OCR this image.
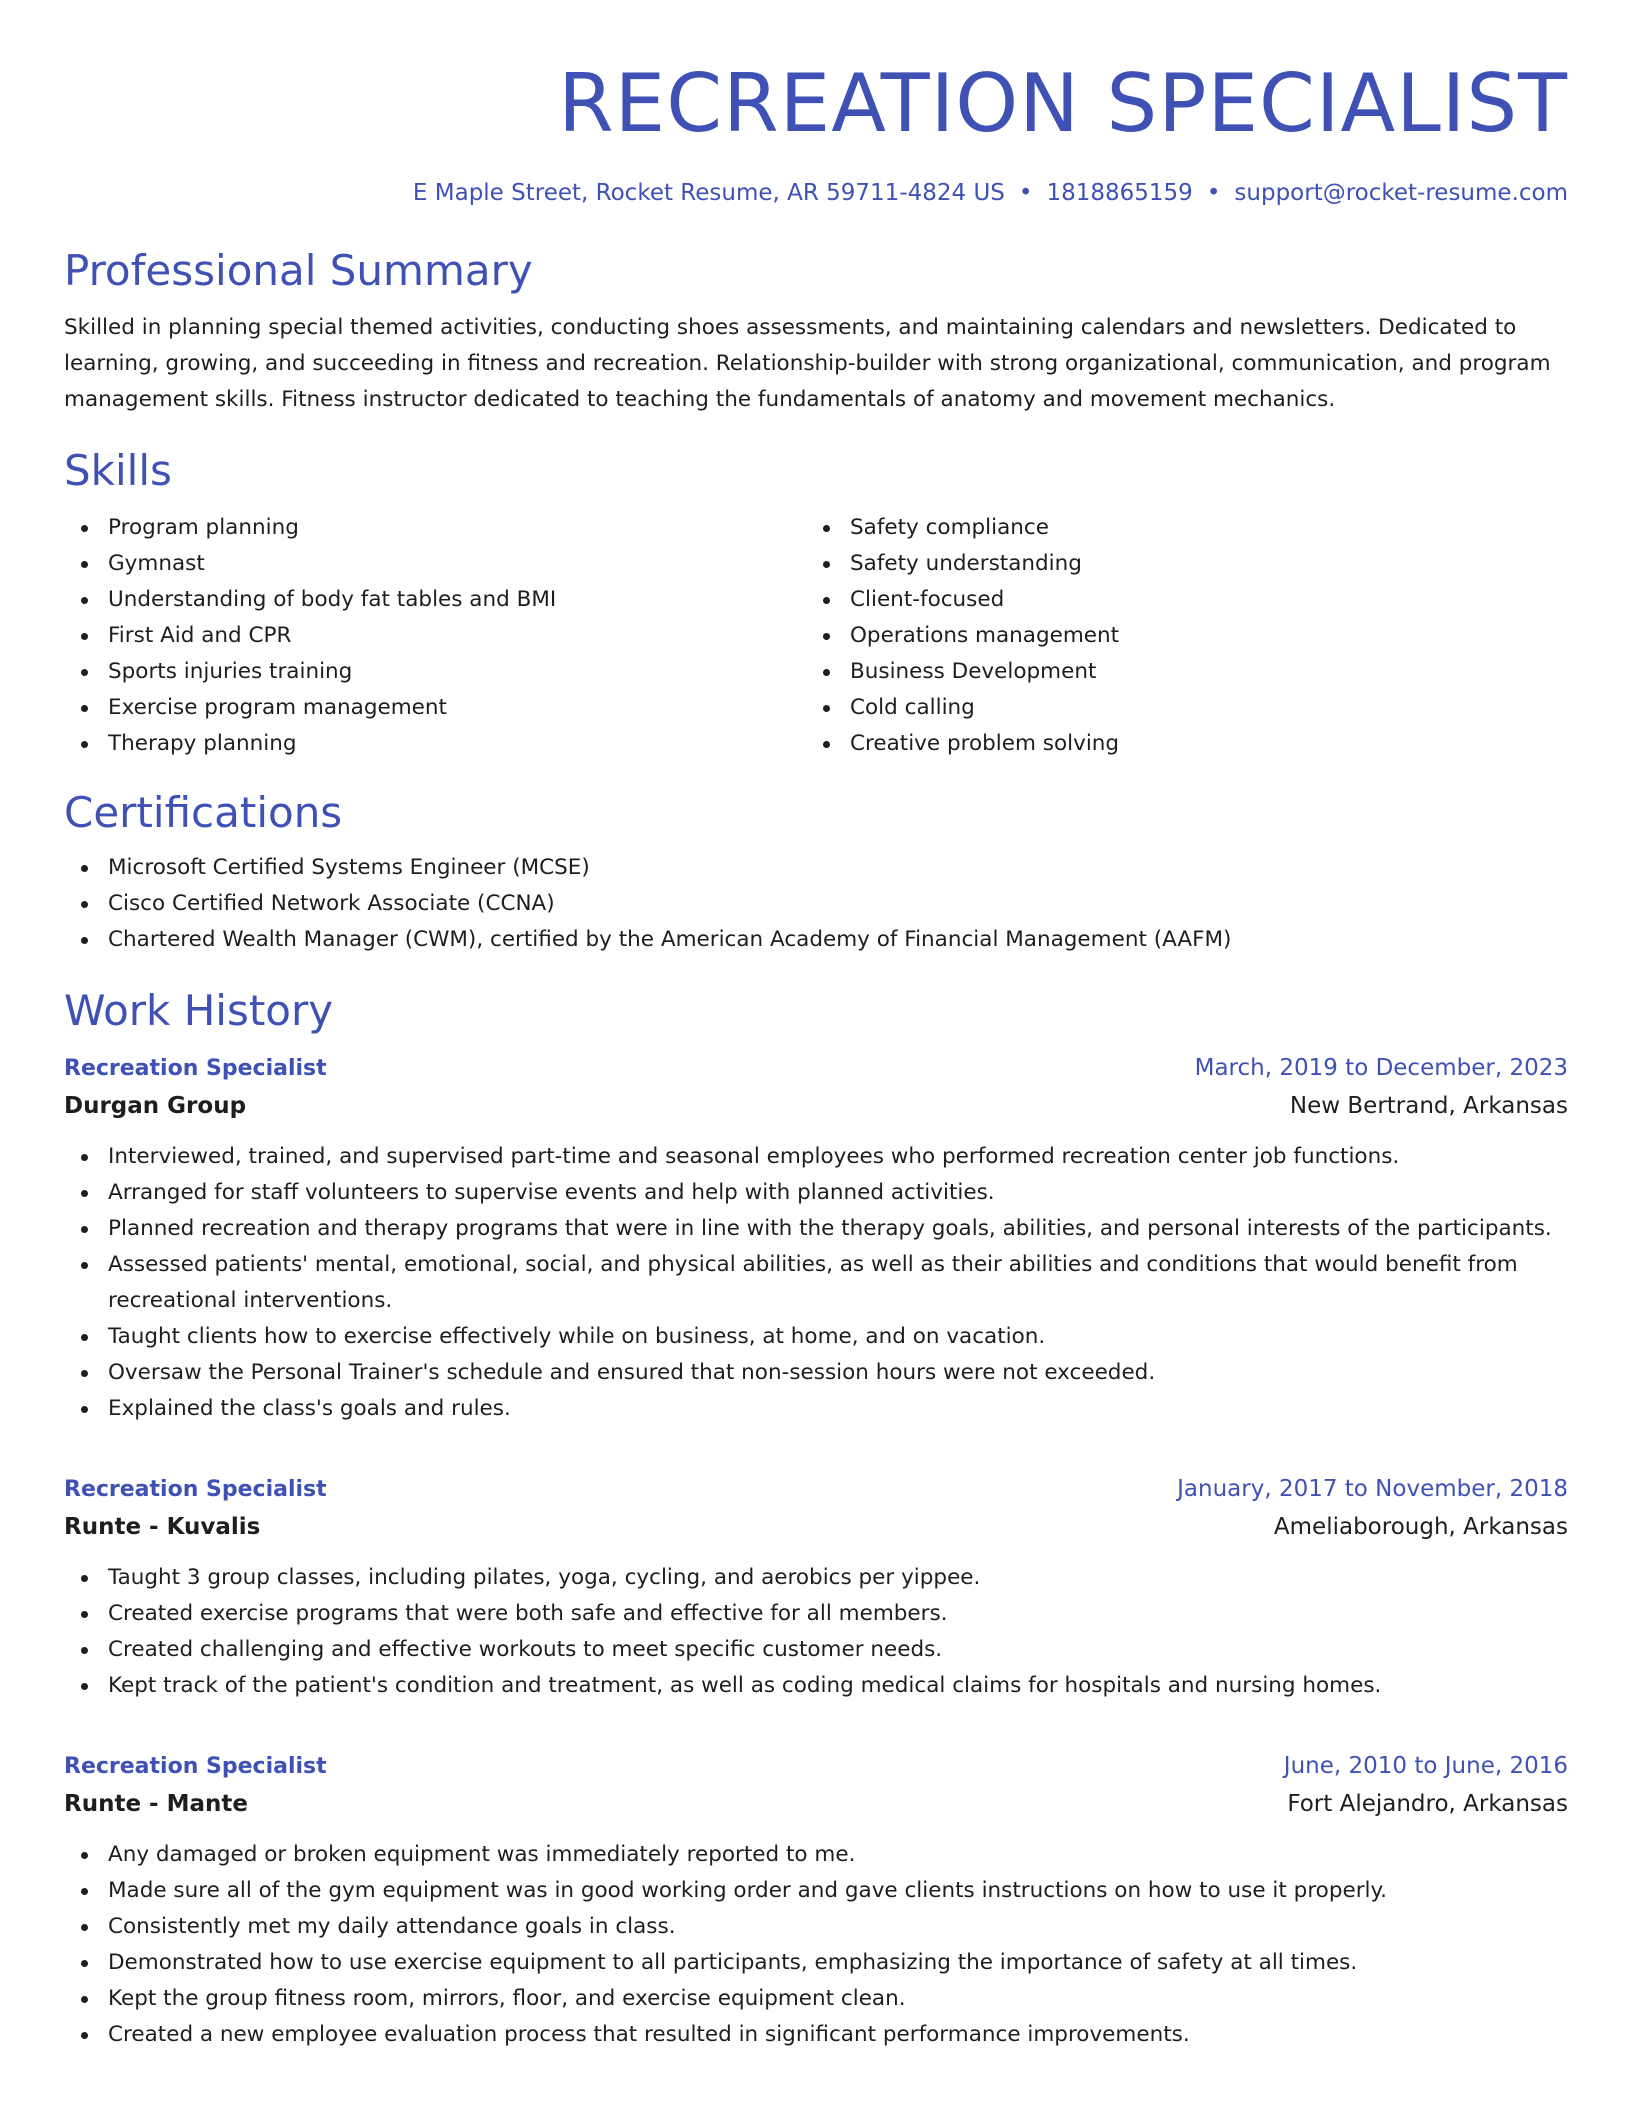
RECREATION SPECIALIST
E Maple Street, Rocket Resume, AR 59711-4824 US • 1818865159 • support@rocket-resume.com
Professional Summary
Skilled in planning special themed activities, conducting shoes assessments, and maintaining calendars and newsletters. Dedicated to learning, growing, and succeeding in fitness and recreation. Relationship-builder with strong organizational, communication, and program management skills. Fitness instructor dedicated to teaching the fundamentals of anatomy and movement mechanics.
Skills
Program planning
Gymnast
Understanding of body fat tables and BMI
First Aid and CPR
Sports injuries training
Exercise program management
Therapy planning
Safety compliance
Safety understanding
Client-focused
Operations management
Business Development
Cold calling
Creative problem solving
Certifications
Microsoft Certified Systems Engineer (MCSE)
Cisco Certified Network Associate (CCNA)
Chartered Wealth Manager (CWM), certified by the American Academy of Financial Management (AAFM)
Work History
Recreation Specialist	March, 2019 to December, 2023
Durgan Group	New Bertrand, Arkansas
Interviewed, trained, and supervised part-time and seasonal employees who performed recreation center job functions.
Arranged for staff volunteers to supervise events and help with planned activities.
Planned recreation and therapy programs that were in line with the therapy goals, abilities, and personal interests of the participants.
Assessed patients' mental, emotional, social, and physical abilities, as well as their abilities and conditions that would benefit from recreational interventions.
Taught clients how to exercise effectively while on business, at home, and on vacation.
Oversaw the Personal Trainer's schedule and ensured that non-session hours were not exceeded.
Explained the class's goals and rules.
Recreation Specialist	January, 2017 to November, 2018
Runte - Kuvalis	Ameliaborough, Arkansas
Taught 3 group classes, including pilates, yoga, cycling, and aerobics per yippee.
Created exercise programs that were both safe and effective for all members.
Created challenging and effective workouts to meet specific customer needs.
Kept track of the patient's condition and treatment, as well as coding medical claims for hospitals and nursing homes.
Recreation Specialist	June, 2010 to June, 2016
Runte - Mante	Fort Alejandro, Arkansas
Any damaged or broken equipment was immediately reported to me.
Made sure all of the gym equipment was in good working order and gave clients instructions on how to use it properly.
Consistently met my daily attendance goals in class.
Demonstrated how to use exercise equipment to all participants, emphasizing the importance of safety at all times.
Kept the group fitness room, mirrors, floor, and exercise equipment clean.
Created a new employee evaluation process that resulted in significant performance improvements.
